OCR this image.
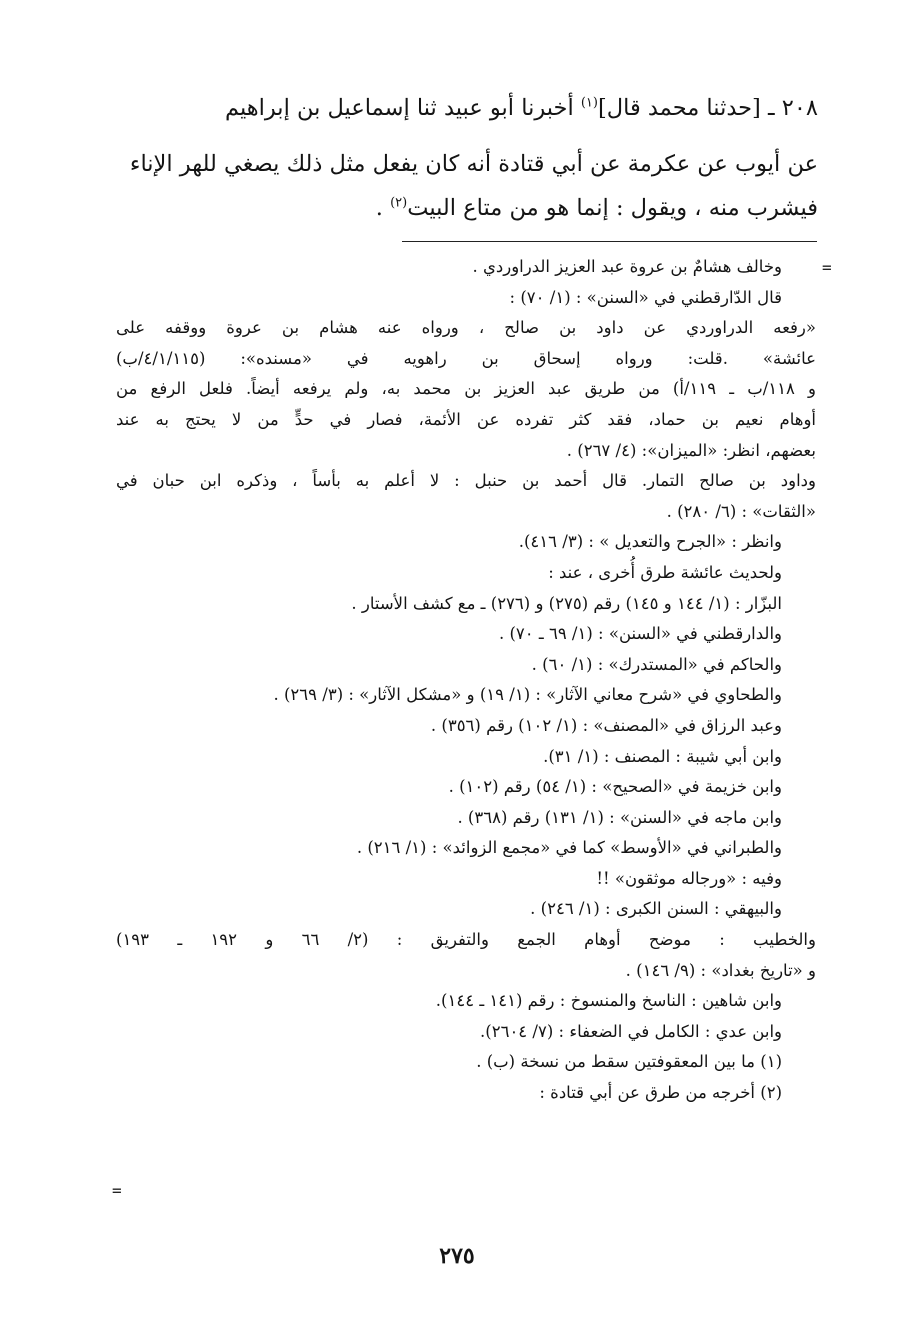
٢٠٨ ـ [حدثنا محمد قال]$^{(١)}$ أخبرنا أبو عبيد ثنا إسماعيل بن إبراهيم

عن أيوب عن عكرمة عن أبي قتادة أنه كان يفعل مثل ذلك يصغي للهر الإناء

فيشرب منه ، ويقول : إنما هو من متاع البيت$^{(٢)}$ .

=

وخالف هشامٌ بن عروة عبد العزيز الدراوردي .

قال الدّارقطني في «السنن» : (١/ ٧٠) :

«رفعه الدراوردي عن داود بن صالح ، ورواه عنه هشام بن عروة ووقفه على

عائشة» .قلت: ورواه إسحاق بن راهويه في «مسنده»: (٤/١/١١٥/ب)

و ١١٨/ب ـ ١١٩/أ) من طريق عبد العزيز بن محمد به، ولم يرفعه أيضاً. فلعل الرفع من

أوهام نعيم بن حماد، فقد كثر تفرده عن الأئمة، فصار في حدٍّ من لا يحتج به عند

بعضهم، انظر: «الميزان»: (٤/ ٢٦٧) .

وداود بن صالح التمار. قال أحمد بن حنبل : لا أعلم به بأساً ، وذكره ابن حبان في

«الثقات» : (٦/ ٢٨٠) .

وانظر : «الجرح والتعديل » : (٣/ ٤١٦).

ولحديث عائشة طرق أُخرى ، عند :

البزّار : (١/ ١٤٤ و ١٤٥) رقم (٢٧٥) و (٢٧٦) ـ مع كشف الأستار .

والدارقطني في «السنن» : (١/ ٦٩ ـ ٧٠) .

والحاكم في «المستدرك» : (١/ ٦٠) .

والطحاوي في «شرح معاني الآثار» : (١/ ١٩) و «مشكل الآثار» : (٣/ ٢٦٩) .

وعبد الرزاق في «المصنف» : (١/ ١٠٢) رقم (٣٥٦) .

وابن أبي شيبة : المصنف : (١/ ٣١).

وابن خزيمة في «الصحيح» : (١/ ٥٤) رقم (١٠٢) .

وابن ماجه في «السنن» : (١/ ١٣١) رقم (٣٦٨) .

والطبراني في «الأوسط» كما في «مجمع الزوائد» : (١/ ٢١٦) .

وفيه : «ورجاله موثقون» !!

والبيهقي : السنن الكبرى : (١/ ٢٤٦) .

والخطيب : موضح أوهام الجمع والتفريق : (٢/ ٦٦ و ١٩٢ ـ ١٩٣)

و «تاريخ بغداد» : (٩/ ١٤٦) .

وابن شاهين : الناسخ والمنسوخ : رقم (١٤١ ـ ١٤٤).

وابن عدي : الكامل في الضعفاء : (٧/ ٢٦٠٤).

(١) ما بين المعقوفتين سقط من نسخة (ب) .

(٢) أخرجه من طرق عن أبي قتادة :

=
٢٧٥
